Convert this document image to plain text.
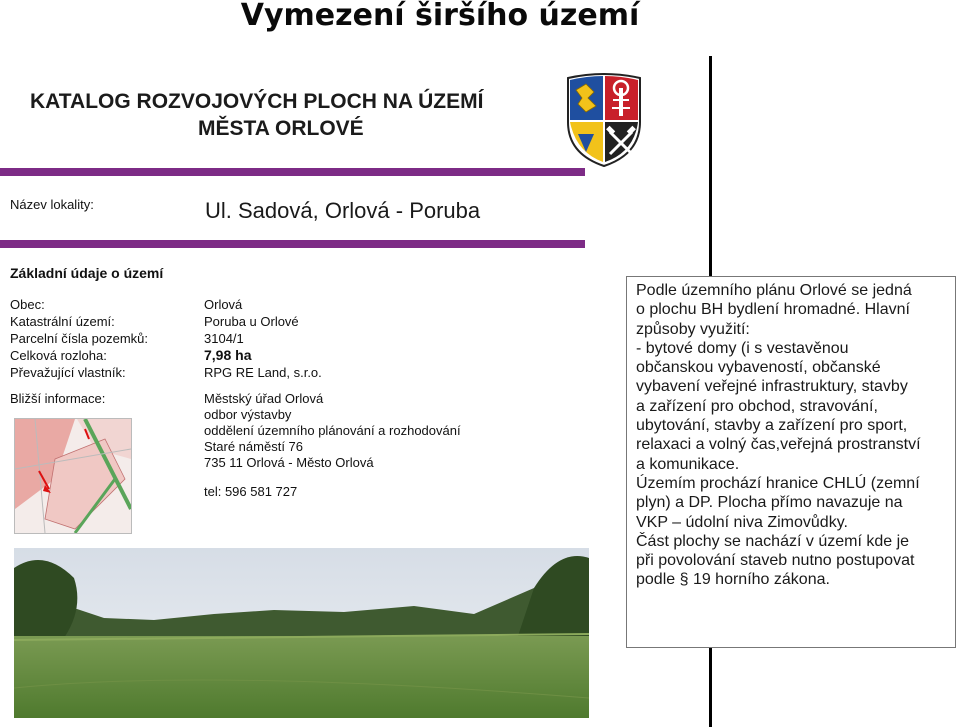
Vymezení širšího území
KATALOG ROZVOJOVÝCH PLOCH NA ÚZEMÍ
MĚSTA ORLOVÉ
Název lokality:	Ul. Sadová, Orlová - Poruba
Základní údaje o území
Obec:
Katastrální území:
Parcelní čísla pozemků:
Celková rozloha:
Převažující vlastník:
Orlová
Poruba u Orlové
3104/1
7,98 ha
RPG RE Land, s.r.o.
Bližší informace:	Městský úřad Orlová
odbor výstavby
oddělení územního plánování a rozhodování
Staré náměstí 76
735 11 Orlová - Město Orlová
tel: 596 581 727

Podle územního plánu Orlové se jedná

o plochu BH bydlení hromadné. Hlavní

způsoby využití:

- bytové domy (i s vestavěnou

občanskou vybaveností, občanské

vybavení veřejné infrastruktury, stavby

a zařízení pro obchod, stravování,

ubytování, stavby a zařízení pro sport,

relaxaci a volný čas,veřejná prostranství

a komunikace.

Územím prochází hranice CHLÚ (zemní

plyn) a DP. Plocha přímo navazuje na

VKP – údolní niva Zimovůdky.

Část plochy se nachází v území kde je

při povolování staveb nutno postupovat

podle § 19 horního zákona.
